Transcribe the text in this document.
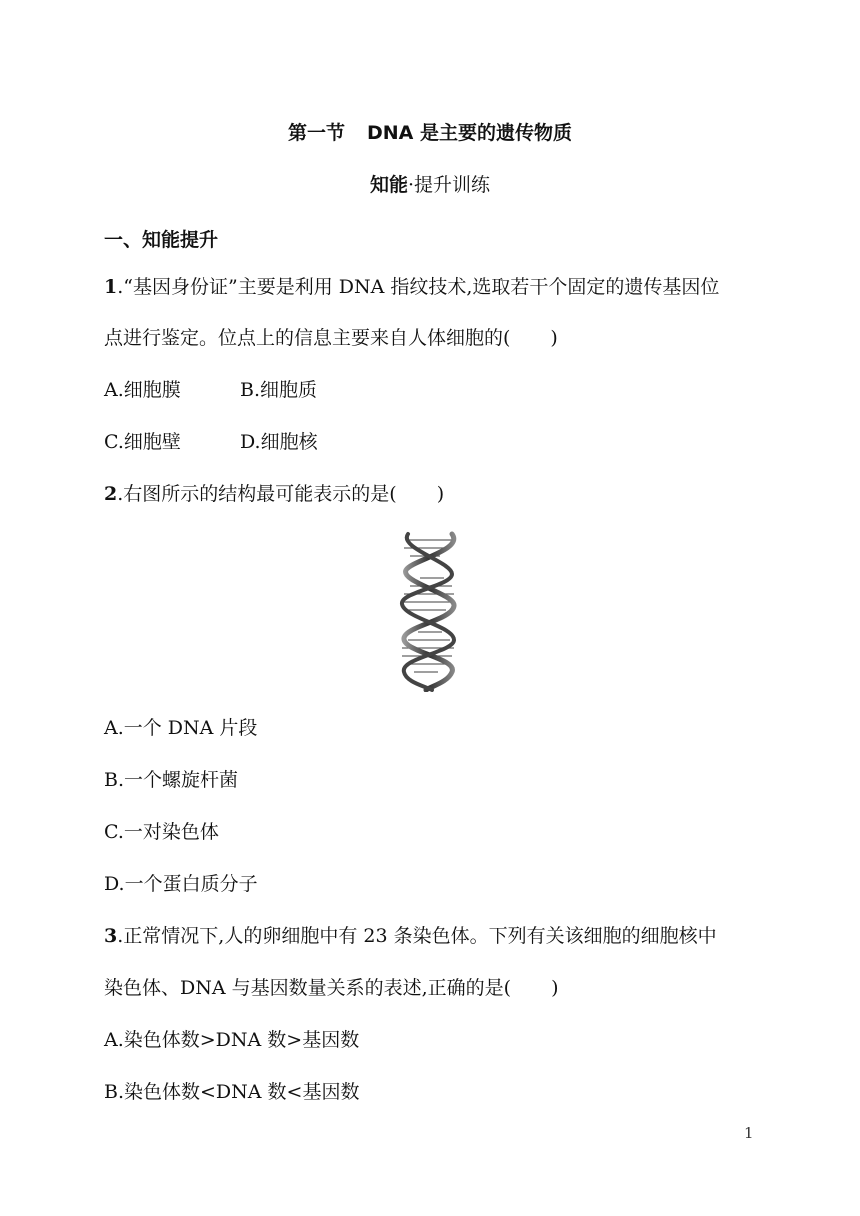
第一节 DNA 是主要的遗传物质
知能·提升训练
一、知能提升
1.“基因身份证”主要是利用 DNA 指纹技术,选取若干个固定的遗传基因位
点进行鉴定。位点上的信息主要来自人体细胞的( )
A.细胞膜	B.细胞质
C.细胞壁	D.细胞核
2.右图所示的结构最可能表示的是( )
A.一个 DNA 片段
B.一个螺旋杆菌
C.一对染色体
D.一个蛋白质分子
3.正常情况下,人的卵细胞中有 23 条染色体。下列有关该细胞的细胞核中
染色体、DNA 与基因数量关系的表述,正确的是( )
A.染色体数>DNA 数>基因数
B.染色体数<DNA 数<基因数
1
